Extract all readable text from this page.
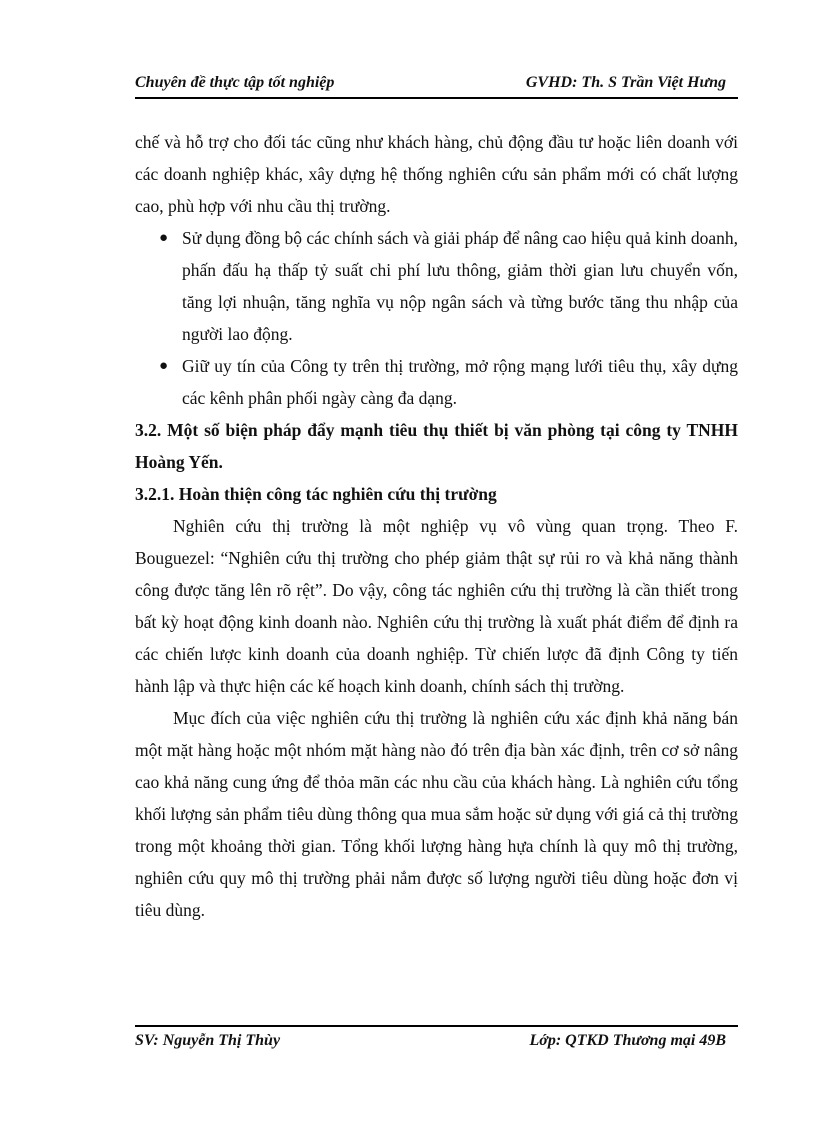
Chuyên đề thực tập tốt nghiệp	GVHD: Th. S Trần Việt Hưng

chế và hỗ trợ cho đối tác cũng như khách hàng, chủ động đầu tư hoặc liên doanh với các doanh nghiệp khác, xây dựng hệ thống nghiên cứu sản phẩm mới có chất lượng cao, phù hợp với nhu cầu thị trường.

● Sử dụng đồng bộ các chính sách và giải pháp để nâng cao hiệu quả kinh doanh, phấn đấu hạ thấp tỷ suất chi phí lưu thông, giảm thời gian lưu chuyển vốn, tăng lợi nhuận, tăng nghĩa vụ nộp ngân sách và từng bước tăng thu nhập của người lao động.
● Giữ uy tín của Công ty trên thị trường, mở rộng mạng lưới tiêu thụ, xây dựng các kênh phân phối ngày càng đa dạng.
3.2. Một số biện pháp đẩy mạnh tiêu thụ thiết bị văn phòng tại công ty TNHH Hoàng Yến.
3.2.1. Hoàn thiện công tác nghiên cứu thị trường

Nghiên cứu thị trường là một nghiệp vụ vô vùng quan trọng. Theo F. Bouguezel: “Nghiên cứu thị trường cho phép giảm thật sự rủi ro và khả năng thành công được tăng lên rõ rệt”. Do vậy, công tác nghiên cứu thị trường là cần thiết trong bất kỳ hoạt động kinh doanh nào. Nghiên cứu thị trường là xuất phát điểm để định ra các chiến lược kinh doanh của doanh nghiệp. Từ chiến lược đã định Công ty tiến hành lập và thực hiện các kế hoạch kinh doanh, chính sách thị trường.

Mục đích của việc nghiên cứu thị trường là nghiên cứu xác định khả năng bán một mặt hàng hoặc một nhóm mặt hàng nào đó trên địa bàn xác định, trên cơ sở nâng cao khả năng cung ứng để thỏa mãn các nhu cầu của khách hàng. Là nghiên cứu tổng khối lượng sản phẩm tiêu dùng thông qua mua sắm hoặc sử dụng với giá cả thị trường trong một khoảng thời gian. Tổng khối lượng hàng hựa chính là quy mô thị trường, nghiên cứu quy mô thị trường phải nắm được số lượng người tiêu dùng hoặc đơn vị tiêu dùng.

SV: Nguyễn Thị Thùy	Lớp: QTKD Thương mại 49B
